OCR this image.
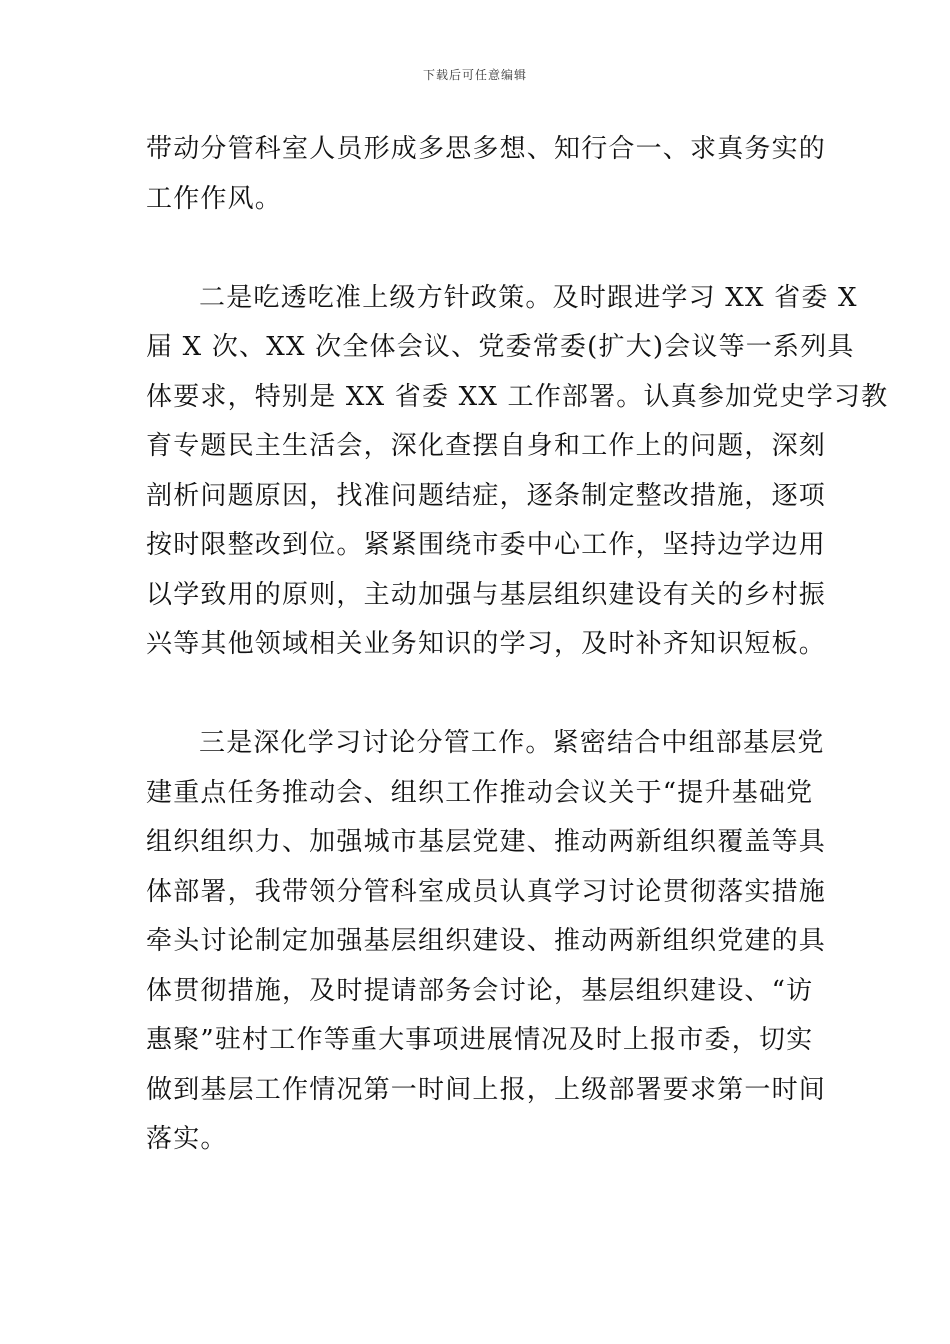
下载后可任意编辑
带动分管科室人员形成多思多想、知行合一、求真务实的
工作作风。
二是吃透吃准上级方针政策。及时跟进学习 XX 省委 X
届 X 次、XX 次全体会议、党委常委(扩大)会议等一系列具
体要求，特别是 XX 省委 XX 工作部署。认真参加党史学习教
育专题民主生活会，深化查摆自身和工作上的问题，深刻
剖析问题原因，找准问题结症，逐条制定整改措施，逐项
按时限整改到位。紧紧围绕市委中心工作，坚持边学边用
以学致用的原则，主动加强与基层组织建设有关的乡村振
兴等其他领域相关业务知识的学习，及时补齐知识短板。
三是深化学习讨论分管工作。紧密结合中组部基层党
建重点任务推动会、组织工作推动会议关于“提升基础党
组织组织力、加强城市基层党建、推动两新组织覆盖等具
体部署，我带领分管科室成员认真学习讨论贯彻落实措施
牵头讨论制定加强基层组织建设、推动两新组织党建的具
体贯彻措施，及时提请部务会讨论，基层组织建设、“访
惠聚”驻村工作等重大事项进展情况及时上报市委，切实
做到基层工作情况第一时间上报，上级部署要求第一时间
落实。
